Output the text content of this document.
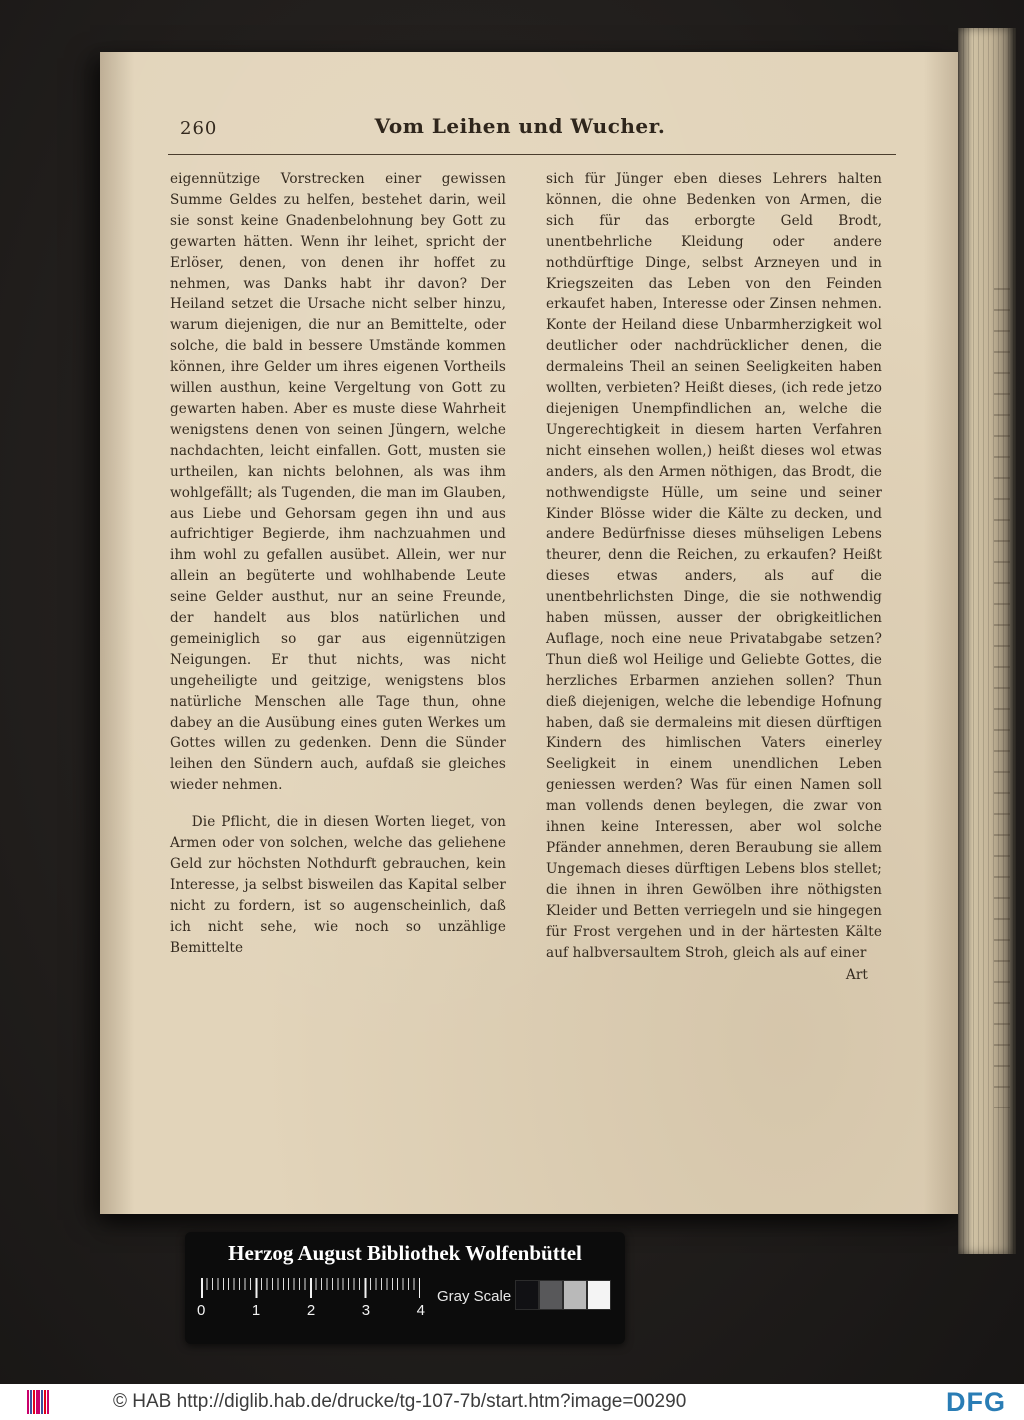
260	Vom Leihen und Wucher.

eigennützige Vorstrecken einer gewissen Summe Geldes zu helfen, bestehet darin, weil sie sonst keine Gnadenbelohnung bey Gott zu gewarten hätten. Wenn ihr leihet, spricht der Erlöser, denen, von denen ihr hoffet zu nehmen, was Danks habt ihr davon? Der Heiland setzet die Ursache nicht selber hinzu, warum diejenigen, die nur an Bemittelte, oder solche, die bald in bessere Umstände kommen können, ihre Gelder um ihres eigenen Vortheils willen austhun, keine Vergeltung von Gott zu gewarten haben. Aber es muste diese Wahrheit wenigstens denen von seinen Jüngern, welche nachdachten, leicht einfallen. Gott, musten sie urtheilen, kan nichts belohnen, als was ihm wohlgefällt; als Tugenden, die man im Glauben, aus Liebe und Gehorsam gegen ihn und aus aufrichtiger Begierde, ihm nachzuahmen und ihm wohl zu gefallen ausübet. Allein, wer nur allein an begüterte und wohlhabende Leute seine Gelder austhut, nur an seine Freunde, der handelt aus blos natürlichen und gemeiniglich so gar aus eigennützigen Neigungen. Er thut nichts, was nicht ungeheiligte und geitzige, wenigstens blos natürliche Menschen alle Tage thun, ohne dabey an die Ausübung eines guten Werkes um Gottes willen zu gedenken. Denn die Sünder leihen den Sündern auch, aufdaß sie gleiches wieder nehmen.

Die Pflicht, die in diesen Worten lieget, von Armen oder von solchen, welche das geliehene Geld zur höchsten Nothdurft gebrauchen, kein Interesse, ja selbst bisweilen das Kapital selber nicht zu fordern, ist so augenscheinlich, daß ich nicht sehe, wie noch so unzählige Bemittelte

sich für Jünger eben dieses Lehrers halten können, die ohne Bedenken von Armen, die sich für das erborgte Geld Brodt, unentbehrliche Kleidung oder andere nothdürftige Dinge, selbst Arzneyen und in Kriegszeiten das Leben von den Feinden erkaufet haben, Interesse oder Zinsen nehmen. Konte der Heiland diese Unbarmherzigkeit wol deutlicher oder nachdrücklicher denen, die dermaleins Theil an seinen Seeligkeiten haben wollten, verbieten? Heißt dieses, (ich rede jetzo diejenigen Unempfindlichen an, welche die Ungerechtigkeit in diesem harten Verfahren nicht einsehen wollen,) heißt dieses wol etwas anders, als den Armen nöthigen, das Brodt, die nothwendigste Hülle, um seine und seiner Kinder Blösse wider die Kälte zu decken, und andere Bedürfnisse dieses mühseligen Lebens theurer, denn die Reichen, zu erkaufen? Heißt dieses etwas anders, als auf die unentbehrlichsten Dinge, die sie nothwendig haben müssen, ausser der obrigkeitlichen Auflage, noch eine neue Privatabgabe setzen? Thun dieß wol Heilige und Geliebte Gottes, die herzliches Erbarmen anziehen sollen? Thun dieß diejenigen, welche die lebendige Hofnung haben, daß sie dermaleins mit diesen dürftigen Kindern des himlischen Vaters einerley Seeligkeit in einem unendlichen Leben geniessen werden? Was für einen Namen soll man vollends denen beylegen, die zwar von ihnen keine Interessen, aber wol solche Pfänder annehmen, deren Beraubung sie allem Ungemach dieses dürftigen Lebens blos stellet; die ihnen in ihren Gewölben ihre nöthigsten Kleider und Betten verriegeln und sie hingegen für Frost vergehen und in der härtesten Kälte auf halbversaultem Stroh, gleich als auf einer

Art
Herzog August Bibliothek Wolfenbüttel
0	1	2	3	4
Gray Scale
© HAB http://diglib.hab.de/drucke/tg-107-7b/start.htm?image=00290	DFG
